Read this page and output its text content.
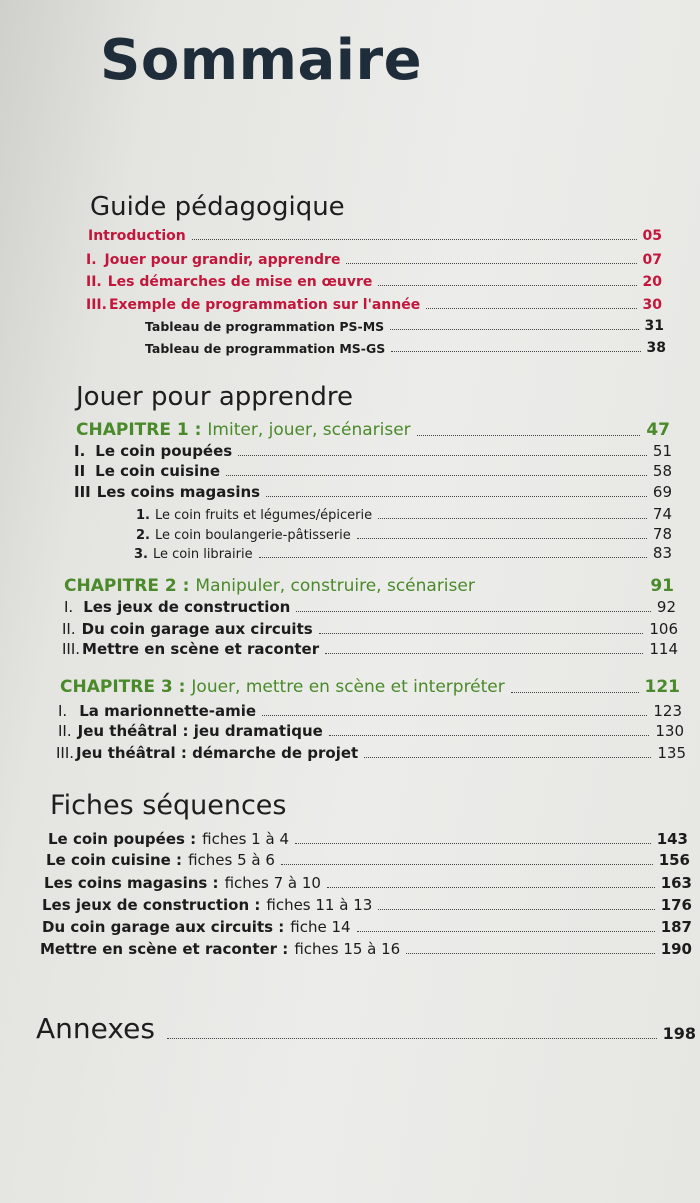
Sommaire
Guide pédagogique
Introduction	05
I. Jouer pour grandir, apprendre	07
II. Les démarches de mise en œuvre	20
III. Exemple de programmation sur l'année	30
Tableau de programmation PS-MS	31
Tableau de programmation MS-GS	38
Jouer pour apprendre
CHAPITRE 1 : Imiter, jouer, scénariser	47
I. Le coin poupées	51
II Le coin cuisine	58
III Les coins magasins	69
1. Le coin fruits et légumes/épicerie	74
2. Le coin boulangerie-pâtisserie	78
3. Le coin librairie	83
CHAPITRE 2 : Manipuler, construire, scénariser	91
I. Les jeux de construction	92
II. Du coin garage aux circuits	106
III. Mettre en scène et raconter	114
CHAPITRE 3 : Jouer, mettre en scène et interpréter	121
I. La marionnette-amie	123
II. Jeu théâtral : jeu dramatique	130
III. Jeu théâtral : démarche de projet	135
Fiches séquences
Le coin poupées : fiches 1 à 4	143
Le coin cuisine : fiches 5 à 6	156
Les coins magasins : fiches 7 à 10	163
Les jeux de construction : fiches 11 à 13	176
Du coin garage aux circuits : fiche 14	187
Mettre en scène et raconter : fiches 15 à 16	190
Annexes	198
